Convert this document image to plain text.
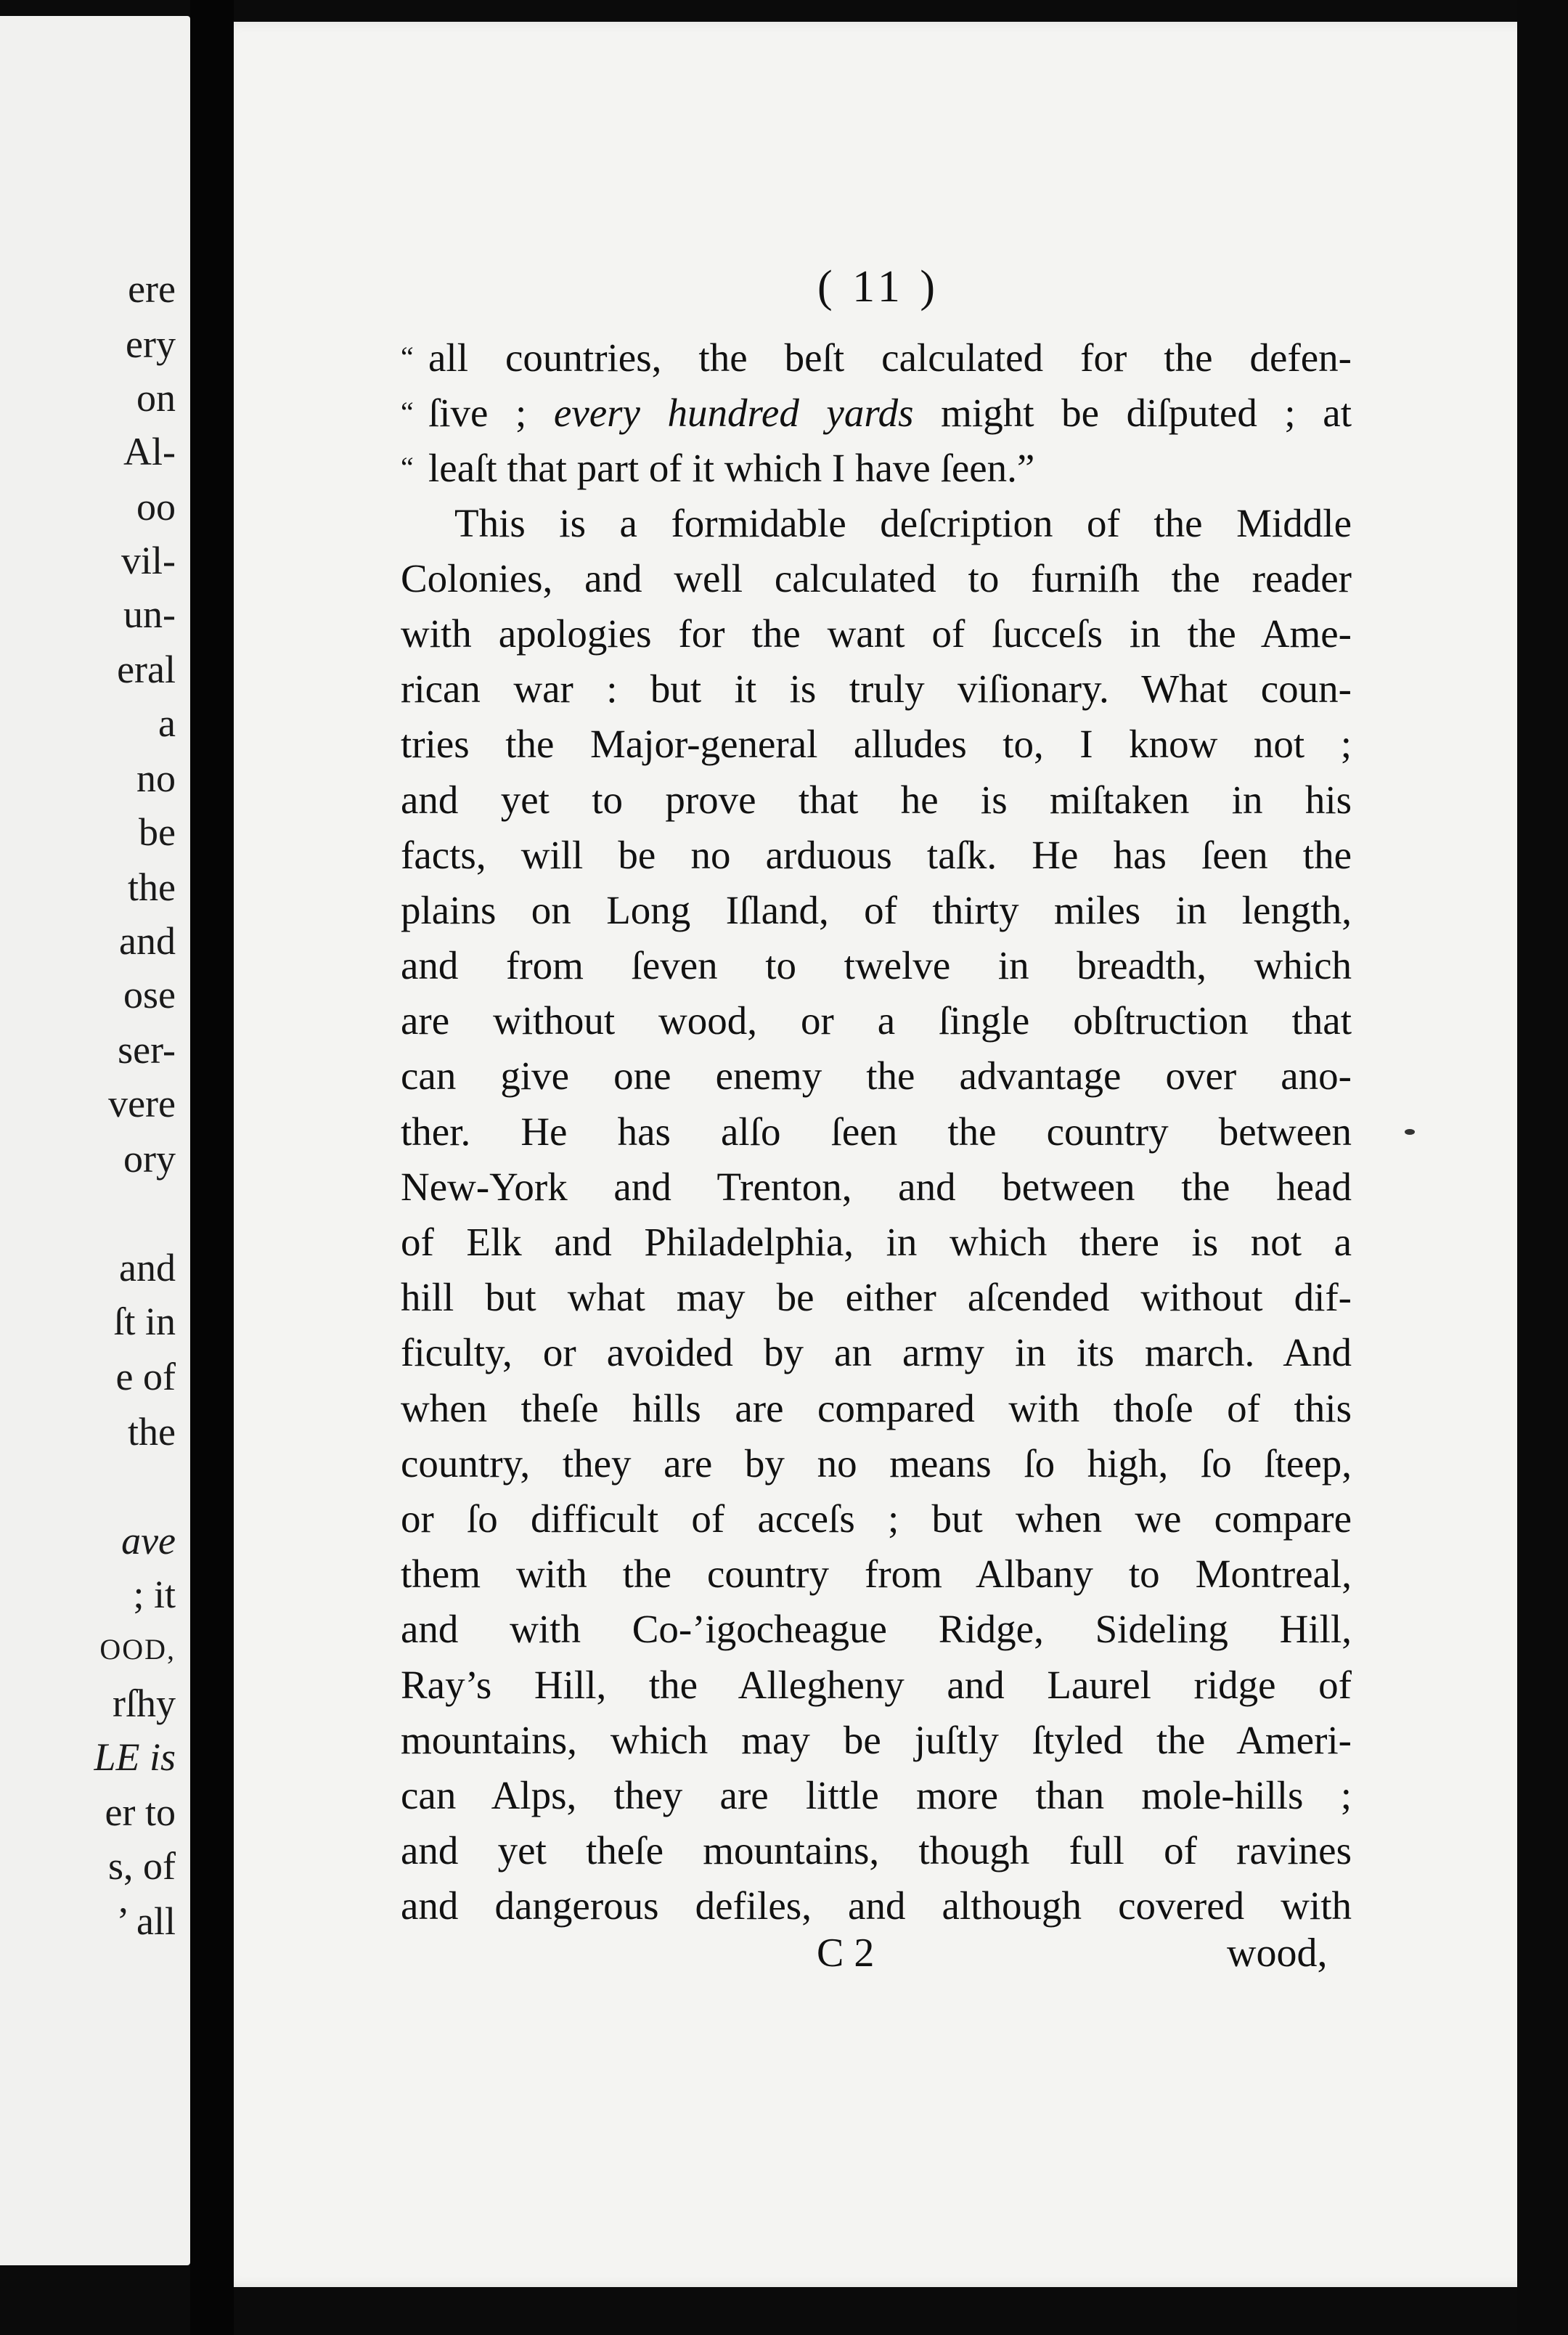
ere
ery
on
Al-
oo
vil-
un-
eral
a
no
be
the
and
ose
ser-
vere
ory
and
ſt in
e of
the
ave
; it
OOD,
rſhy
LE is
er to
s, of
’ all
( 11 )
“ all countries, the beſt calculated for the defen-
“ ſive ; every hundred yards might be diſputed ; at
“ leaſt that part of it which I have ſeen.”
This is a formidable deſcription of the Middle
Colonies, and well calculated to furniſh the reader
with apologies for the want of ſucceſs in the Ame-
rican war : but it is truly viſionary. What coun-
tries the Major-general alludes to, I know not ;
and yet to prove that he is miſtaken in his
facts, will be no arduous taſk. He has ſeen the
plains on Long Iſland, of thirty miles in length,
and from ſeven to twelve in breadth, which
are without wood, or a ſingle obſtruction that
can give one enemy the advantage over ano-
ther. He has alſo ſeen the country between
New-York and Trenton, and between the head
of Elk and Philadelphia, in which there is not a
hill but what may be either aſcended without dif-
ficulty, or avoided by an army in its march. And
when theſe hills are compared with thoſe of this
country, they are by no means ſo high, ſo ſteep,
or ſo difficult of acceſs ; but when we compare
them with the country from Albany to Montreal,
and with Co-’igocheague Ridge, Sideling Hill,
Ray’s Hill, the Allegheny and Laurel ridge of
mountains, which may be juſtly ſtyled the Ameri-
can Alps, they are little more than mole-hills ;
and yet theſe mountains, though full of ravines
and dangerous defiles, and although covered with
C 2	wood,
